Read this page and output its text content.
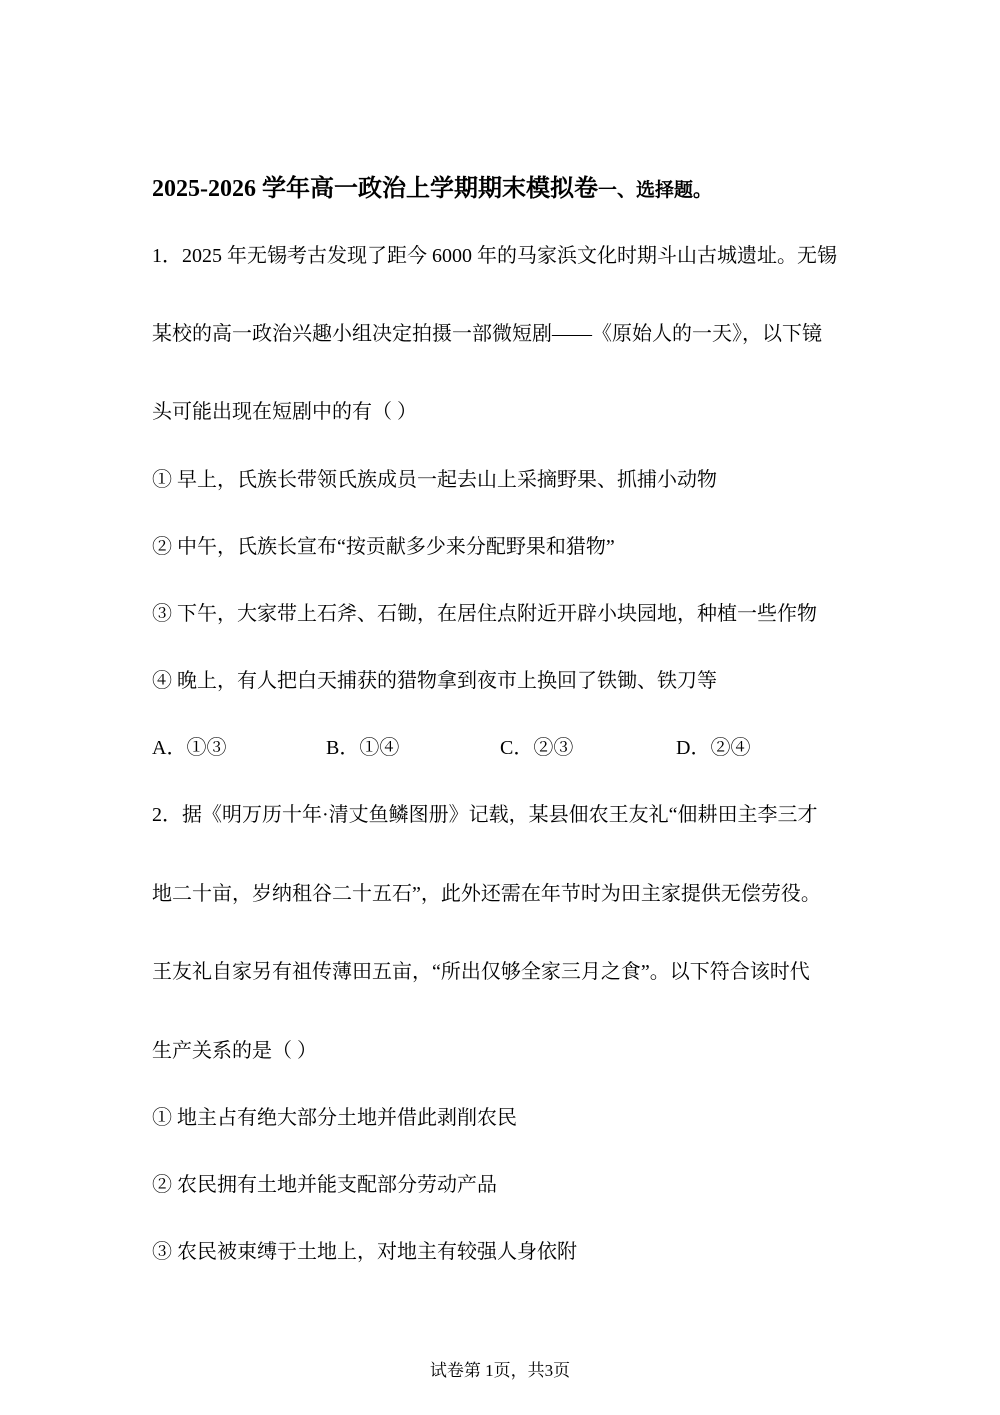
2025-2026 学年高一政治上学期期末模拟卷一、选择题。
1．2025 年无锡考古发现了距今 6000 年的马家浜文化时期斗山古城遗址。无锡
某校的高一政治兴趣小组决定拍摄一部微短剧——《原始人的一天》，以下镜
头可能出现在短剧中的有（ ）
① 早上，氏族长带领氏族成员一起去山上采摘野果、抓捕小动物
② 中午，氏族长宣布“按贡献多少来分配野果和猎物”
③ 下午，大家带上石斧、石锄，在居住点附近开辟小块园地，种植一些作物
④ 晚上，有人把白天捕获的猎物拿到夜市上换回了铁锄、铁刀等
A．①③	B．①④	C．②③	D．②④
2．据《明万历十年·清丈鱼鳞图册》记载，某县佃农王友礼“佃耕田主李三才
地二十亩，岁纳租谷二十五石”，此外还需在年节时为田主家提供无偿劳役。
王友礼自家另有祖传薄田五亩，“所出仅够全家三月之食”。以下符合该时代
生产关系的是（ ）
① 地主占有绝大部分土地并借此剥削农民
② 农民拥有土地并能支配部分劳动产品
③ 农民被束缚于土地上，对地主有较强人身依附
试卷第 1页，共3页
